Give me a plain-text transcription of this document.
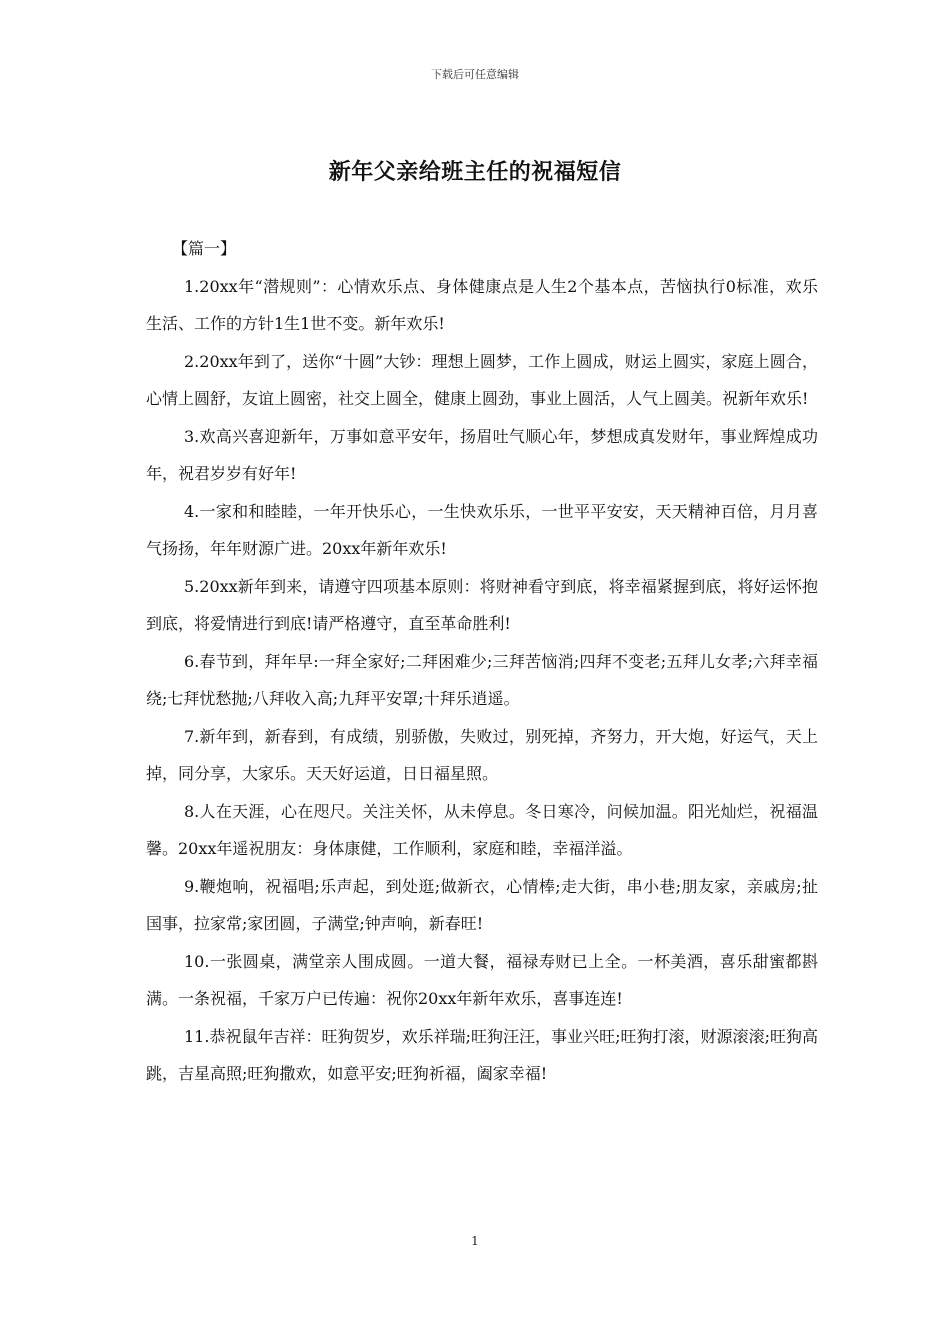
下载后可任意编辑
新年父亲给班主任的祝福短信

【篇一】

1.20xx年“潜规则”：心情欢乐点、身体健康点是人生2个基本点，苦恼执行0标准，欢乐生活、工作的方针1生1世不变。新年欢乐!

2.20xx年到了，送你“十圆”大钞：理想上圆梦，工作上圆成，财运上圆实，家庭上圆合，心情上圆舒，友谊上圆密，社交上圆全，健康上圆劲，事业上圆活，人气上圆美。祝新年欢乐!

3.欢高兴喜迎新年，万事如意平安年，扬眉吐气顺心年，梦想成真发财年，事业辉煌成功年，祝君岁岁有好年!

4.一家和和睦睦，一年开快乐心，一生快欢乐乐，一世平平安安，天天精神百倍，月月喜气扬扬，年年财源广进。20xx年新年欢乐!

5.20xx新年到来，请遵守四项基本原则：将财神看守到底，将幸福紧握到底，将好运怀抱到底，将爱情进行到底!请严格遵守，直至革命胜利!

6.春节到，拜年早:一拜全家好;二拜困难少;三拜苦恼消;四拜不变老;五拜儿女孝;六拜幸福绕;七拜忧愁抛;八拜收入高;九拜平安罩;十拜乐逍遥。

7.新年到，新春到，有成绩，别骄傲，失败过，别死掉，齐努力，开大炮，好运气，天上掉，同分享，大家乐。天天好运道，日日福星照。

8.人在天涯，心在咫尺。关注关怀，从未停息。冬日寒冷，问候加温。阳光灿烂，祝福温馨。20xx年遥祝朋友：身体康健，工作顺利，家庭和睦，幸福洋溢。

9.鞭炮响，祝福唱;乐声起，到处逛;做新衣，心情棒;走大街，串小巷;朋友家，亲戚房;扯国事，拉家常;家团圆，子满堂;钟声响，新春旺!

10.一张圆桌，满堂亲人围成圆。一道大餐，福禄寿财已上全。一杯美酒，喜乐甜蜜都斟满。一条祝福，千家万户已传遍：祝你20xx年新年欢乐，喜事连连!

11.恭祝鼠年吉祥：旺狗贺岁，欢乐祥瑞;旺狗汪汪，事业兴旺;旺狗打滚，财源滚滚;旺狗高跳，吉星高照;旺狗撒欢，如意平安;旺狗祈福，阖家幸福!

1
